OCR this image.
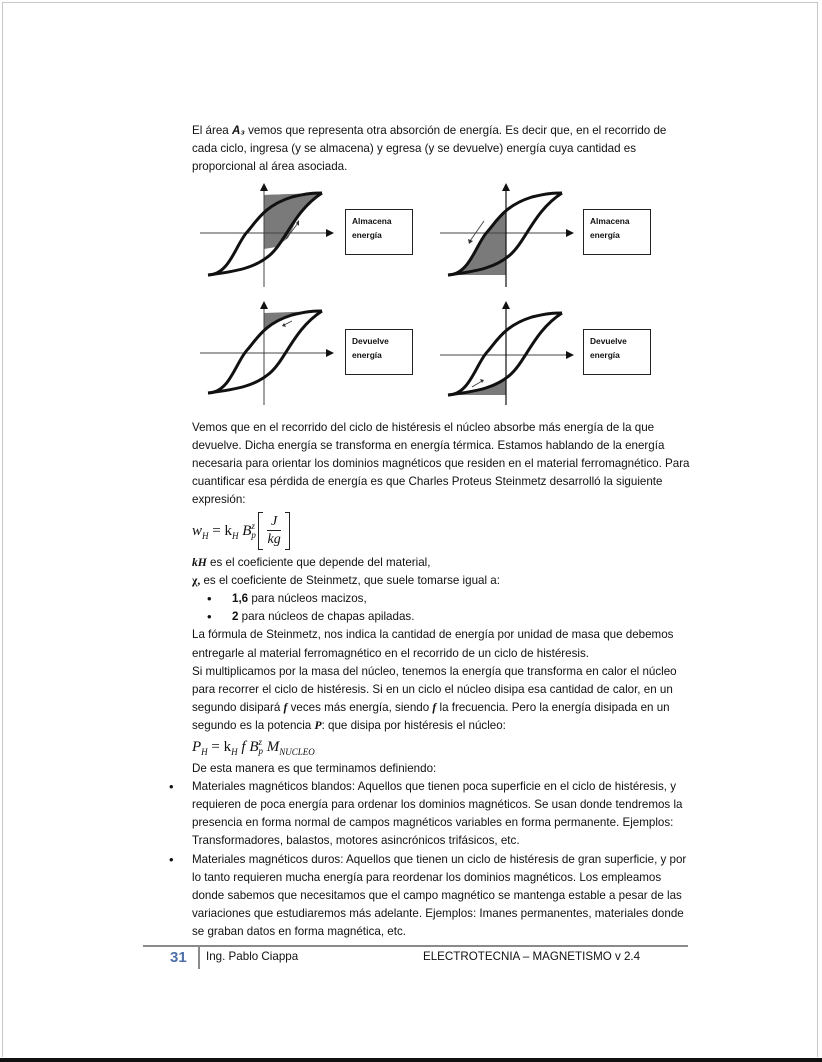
El área A₃ vemos que representa otra absorción de energía. Es decir que, en el recorrido de cada ciclo, ingresa (y se almacena) y egresa (y se devuelve) energía cuya cantidad es proporcional al área asociada.

Almacena
energía
Almacena
energía
Devuelve
energía
Devuelve
energía

Vemos que en el recorrido del ciclo de histéresis el núcleo absorbe más energía de la que devuelve. Dicha energía se transforma en energía térmica. Estamos hablando de la energía necesaria para orientar los dominios magnéticos que residen en el material ferromagnético. Para cuantificar esa pérdida de energía es que Charles Proteus Steinmetz desarrolló la siguiente expresión:

$w_H = k_H$ B z
p $\frac{J}{kg}$

kH es el coeficiente que depende del material,

χ, es el coeficiente de Steinmetz, que suele tomarse igual a:

• 1,6 para núcleos macizos,
• 2 para núcleos de chapas apiladas.

La fórmula de Steinmetz, nos indica la cantidad de energía por unidad de masa que debemos entregarle al material ferromagnético en el recorrido de un ciclo de histéresis.

Si multiplicamos por la masa del núcleo, tenemos la energía que transforma en calor el núcleo para recorrer el ciclo de histéresis. Si en un ciclo el núcleo disipa esa cantidad de calor, en un segundo disipará f veces más energía, siendo f la frecuencia. Pero la energía disipada en un segundo es la potencia P: que disipa por histéresis el núcleo:

$P_H = k_H$ f B z
p $M_{NUCLEO}$

De esta manera es que terminamos definiendo:

• Materiales magnéticos blandos: Aquellos que tienen poca superficie en el ciclo de histéresis, y requieren de poca energía para ordenar los dominios magnéticos. Se usan donde tendremos la presencia en forma normal de campos magnéticos variables en forma permanente. Ejemplos: Transformadores, balastos, motores asincrónicos trifásicos, etc.
• Materiales magnéticos duros: Aquellos que tienen un ciclo de histéresis de gran superficie, y por lo tanto requieren mucha energía para reordenar los dominios magnéticos. Los empleamos donde sabemos que necesitamos que el campo magnético se mantenga estable a pesar de las variaciones que estudiaremos más adelante. Ejemplos: Imanes permanentes, materiales donde se graban datos en forma magnética, etc.
31 Ing. Pablo Ciappa	ELECTROTECNIA – MAGNETISMO v 2.4
